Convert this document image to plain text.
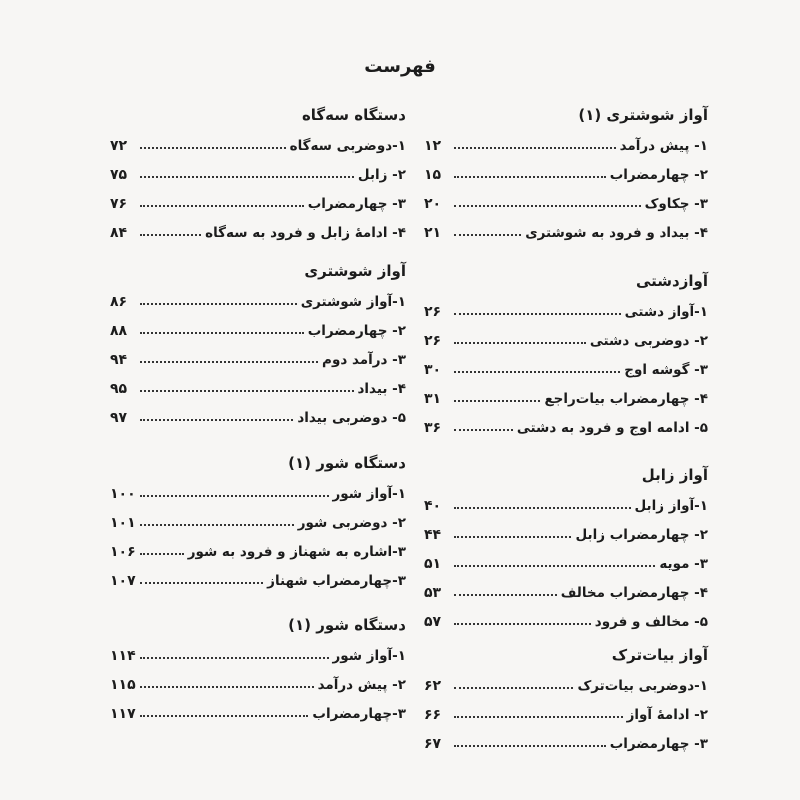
فهرست
آواز شوشتری (۱)
۱- پیش درآمد
۱۲
۲- چهارمضراب
۱۵
۳- چکاوک
۲۰
۴- بیداد و فرود به شوشتری
۲۱
آوازدشتی
۱-آواز دشتی
۲۶
۲- دوضربی دشتی
۲۶
۳- گوشه اوج
۳۰
۴- چهارمضراب بیات‌راجع
۳۱
۵- ادامه اوج و فرود به دشتی
۳۶
آواز زابل
۱-آواز زابل
۴۰
۲- چهارمضراب زابل
۴۴
۳- مویه
۵۱
۴- چهارمضراب مخالف
۵۳
۵- مخالف و فرود
۵۷
آواز بیات‌ترک
۱-دوضربی بیات‌ترک
۶۲
۲- ادامهٔ آواز
۶۶
۳- چهارمضراب
۶۷
دستگاه سه‌گاه
۱-دوضربی سه‌گاه
۷۲
۲- زابل
۷۵
۳- چهارمضراب
۷۶
۴- ادامهٔ زابل و فرود به سه‌گاه
۸۴
آواز شوشتری
۱-آواز شوشتری
۸۶
۲- چهارمضراب
۸۸
۳- درآمد دوم
۹۴
۴- بیداد
۹۵
۵- دوضربی بیداد
۹۷
دستگاه شور (۱)
۱-آواز شور
۱۰۰
۲- دوضربی شور
۱۰۱
۳-اشاره به شهناز و فرود به شور
۱۰۶
۳-چهارمضراب شهناز
۱۰۷
دستگاه شور (۱)
۱-آواز شور
۱۱۴
۲- پیش درآمد
۱۱۵
۳-چهارمضراب
۱۱۷
